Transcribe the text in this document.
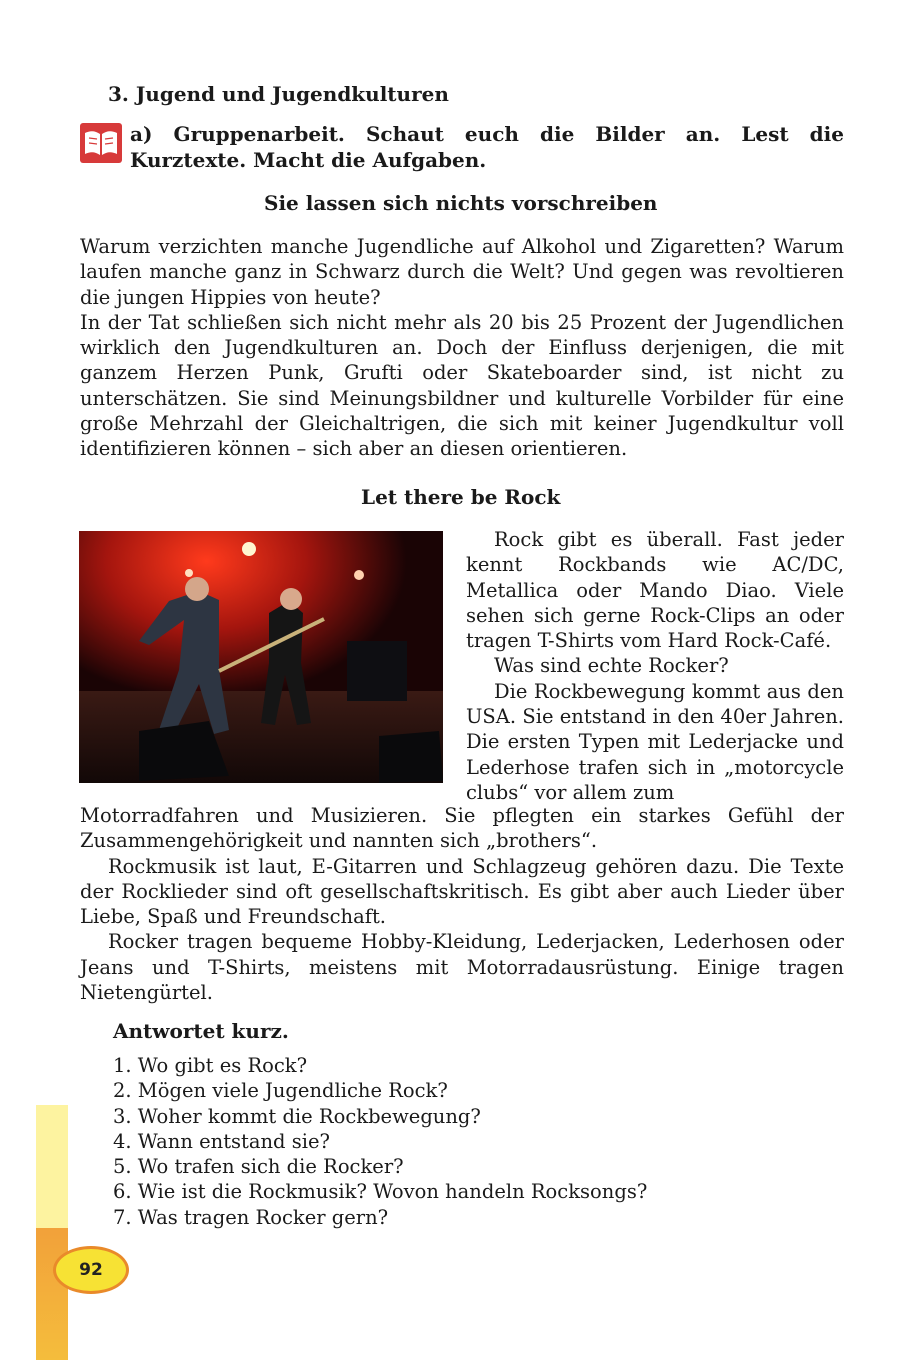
3. Jugend und Jugendkulturen
a) Gruppenarbeit. Schaut euch die Bilder an. Lest die Kurztexte. Macht die Aufgaben.
Sie lassen sich nichts vorschreiben
Warum verzichten manche Jugendliche auf Alkohol und Zigaretten? Warum laufen manche ganz in Schwarz durch die Welt? Und gegen was revoltieren die jungen Hippies von heute?
In der Tat schließen sich nicht mehr als 20 bis 25 Prozent der Jugendlichen wirklich den Jugendkulturen an. Doch der Einfluss derjenigen, die mit ganzem Herzen Punk, Grufti oder Skateboarder sind, ist nicht zu unterschätzen. Sie sind Meinungsbildner und kulturelle Vorbilder für eine große Mehrzahl der Gleichaltrigen, die sich mit keiner Jugendkultur voll identifizieren können – sich aber an diesen orientieren.
Let there be Rock
Rock gibt es überall. Fast jeder kennt Rockbands wie AC/DC, Metallica oder Mando Diao. Viele sehen sich gerne Rock-Clips an oder tragen T-Shirts vom Hard Rock-Café.
Was sind echte Rocker?
Die Rockbewegung kommt aus den USA. Sie entstand in den 40er Jahren. Die ersten Typen mit Lederjacke und Lederhose trafen sich in „motorcycle clubs“ vor allem zum
Motorradfahren und Musizieren. Sie pflegten ein starkes Gefühl der Zusammengehörigkeit und nannten sich „brothers“.
Rockmusik ist laut, E-Gitarren und Schlagzeug gehören dazu. Die Texte der Rocklieder sind oft gesellschaftskritisch. Es gibt aber auch Lieder über Liebe, Spaß und Freundschaft.
Rocker tragen bequeme Hobby-Kleidung, Lederjacken, Lederhosen oder Jeans und T-Shirts, meistens mit Motorradausrüstung. Einige tragen Nietengürtel.
Antwortet kurz.
1. Wo gibt es Rock?
2. Mögen viele Jugendliche Rock?
3. Woher kommt die Rockbewegung?
4. Wann entstand sie?
5. Wo trafen sich die Rocker?
6. Wie ist die Rockmusik? Wovon handeln Rocksongs?
7. Was tragen Rocker gern?
92
